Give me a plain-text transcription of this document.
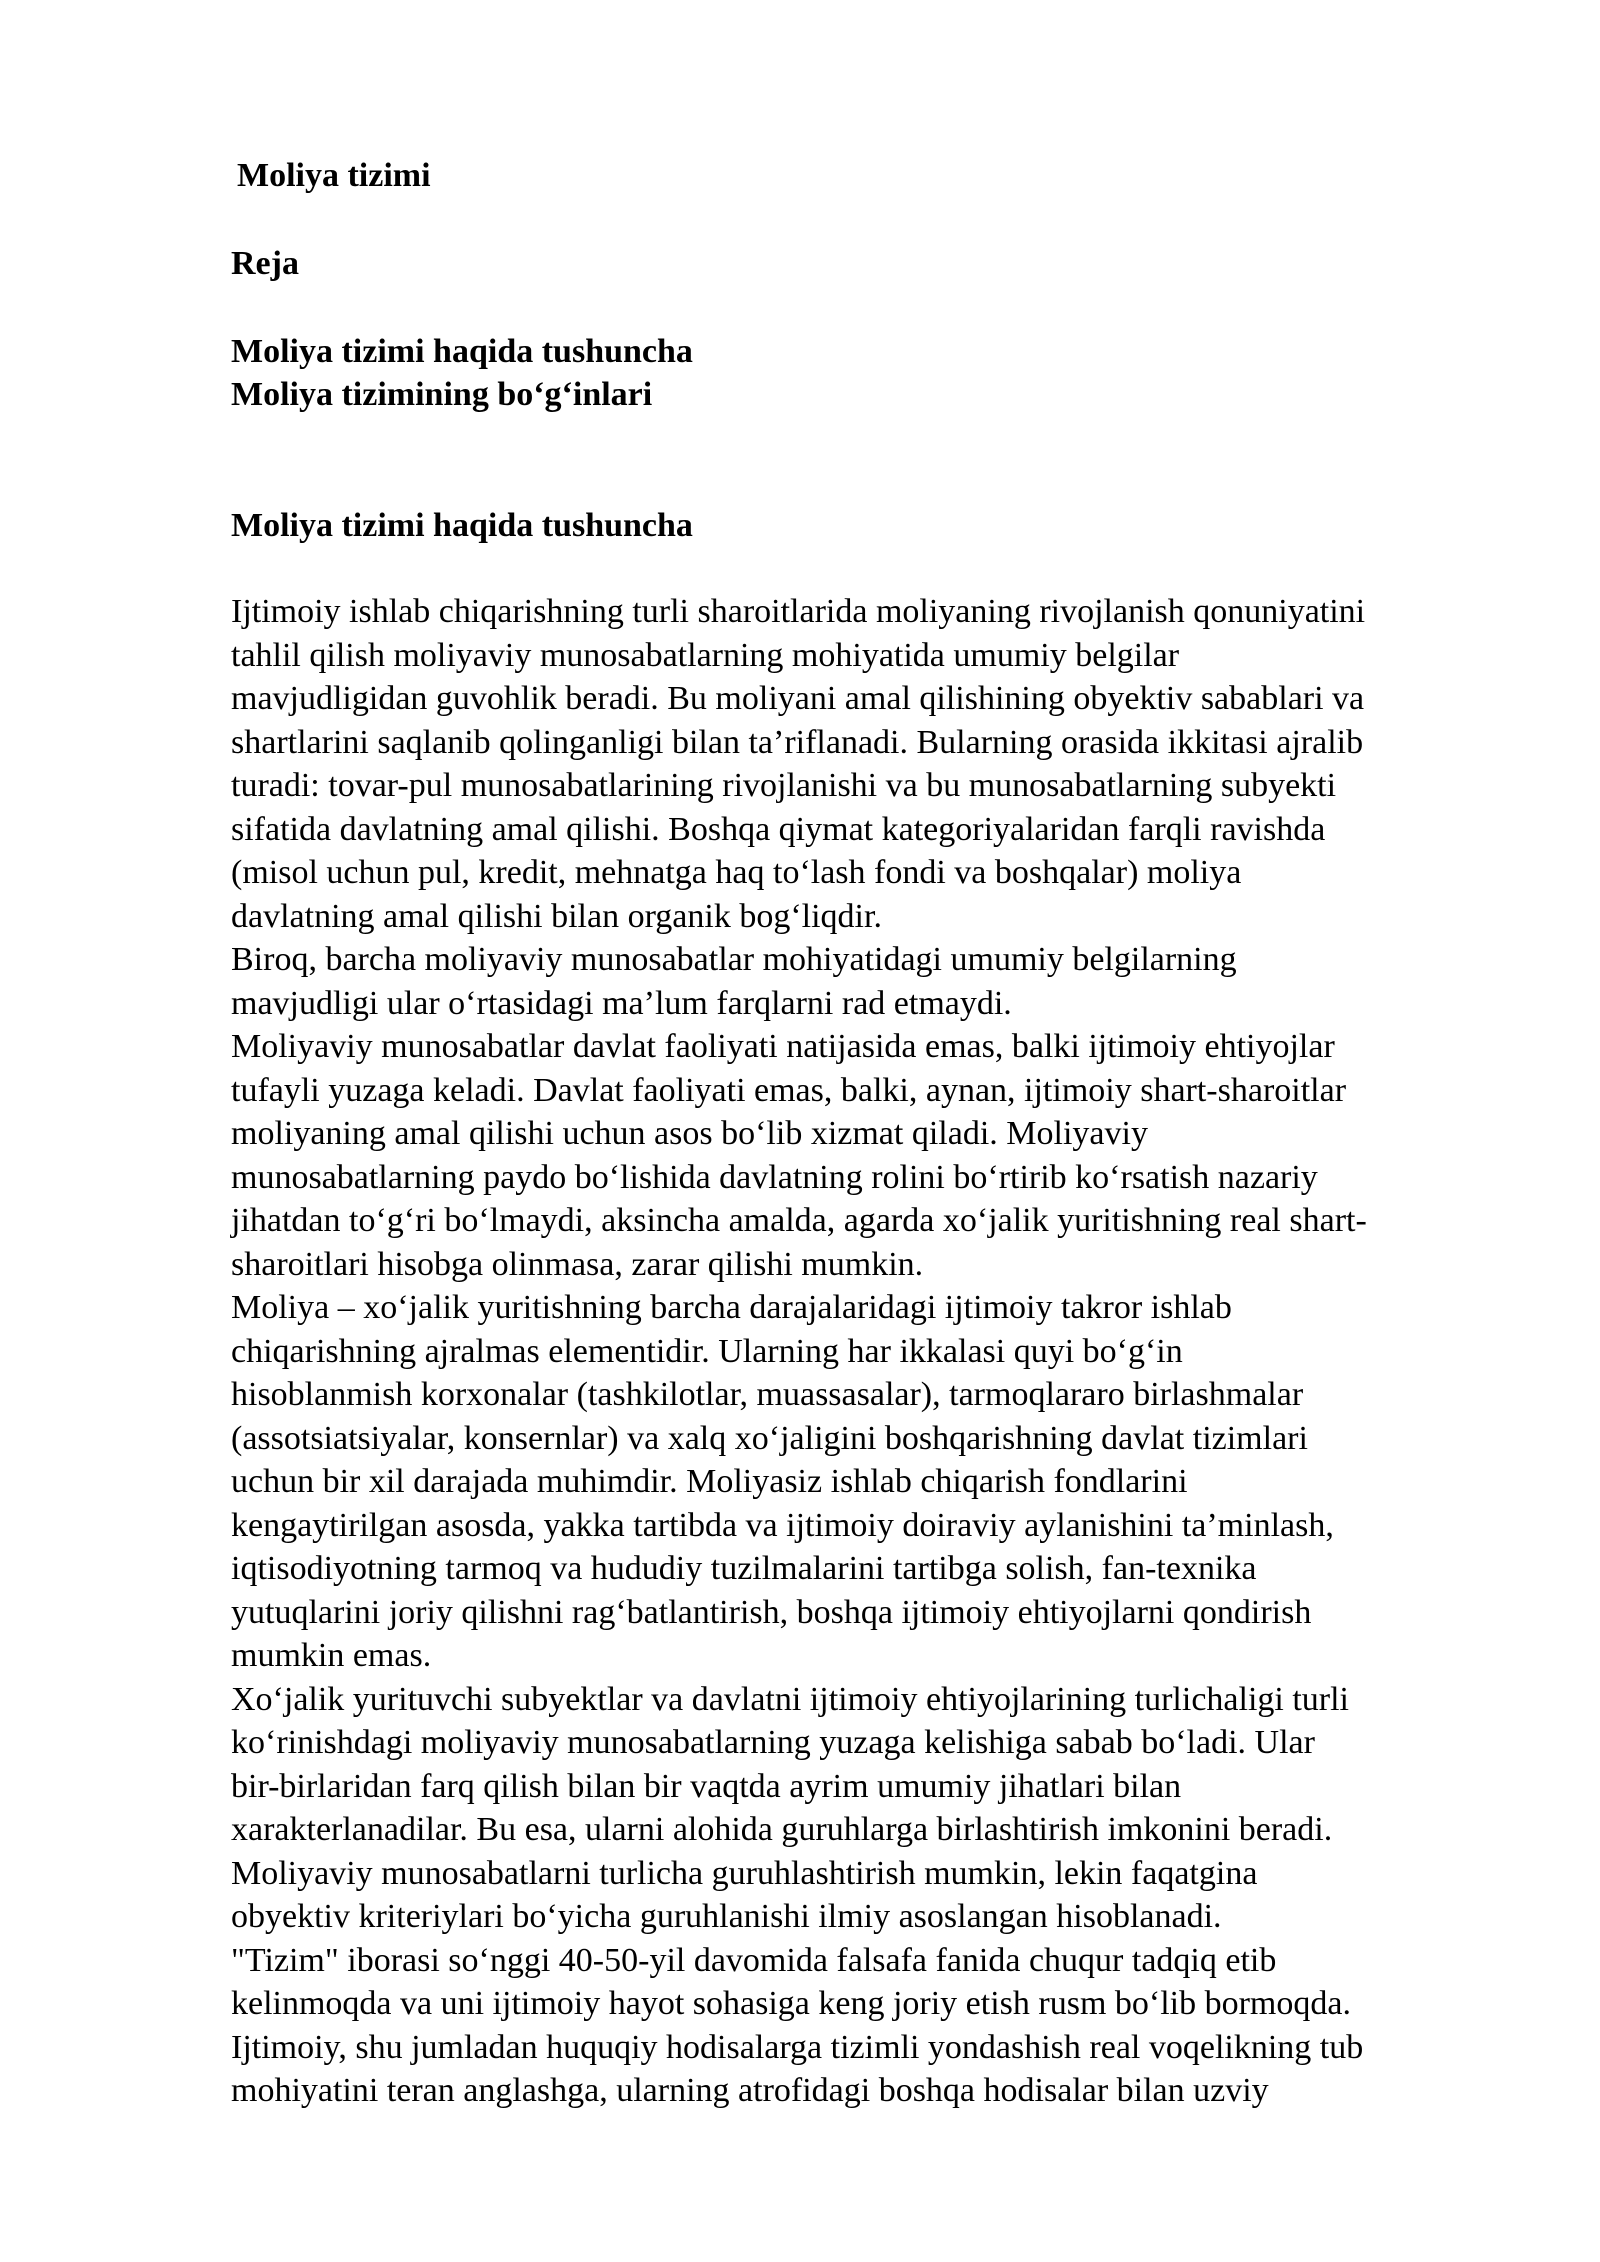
Moliya tizimi
Reja
Moliya tizimi haqida tushuncha
Moliya tizimining bo‘g‘inlari
Moliya tizimi haqida tushuncha
Ijtimoiy ishlab chiqarishning turli sharoitlarida moliyaning rivojlanish qonuniyatini
tahlil qilish moliyaviy munosabatlarning mohiyatida umumiy belgilar
mavjudligidan guvohlik beradi. Bu moliyani amal qilishining obyektiv sabablari va
shartlarini saqlanib qolinganligi bilan ta’riflanadi. Bularning orasida ikkitasi ajralib
turadi: tovar-pul munosabatlarining rivojlanishi va bu munosabatlarning subyekti
sifatida davlatning amal qilishi. Boshqa qiymat kategoriyalaridan farqli ravishda
(misol uchun pul, kredit, mehnatga haq to‘lash fondi va boshqalar) moliya
davlatning amal qilishi bilan organik bog‘liqdir.
Biroq, barcha moliyaviy munosabatlar mohiyatidagi umumiy belgilarning
mavjudligi ular o‘rtasidagi ma’lum farqlarni rad etmaydi.
Moliyaviy munosabatlar davlat faoliyati natijasida emas, balki ijtimoiy ehtiyojlar
tufayli yuzaga keladi. Davlat faoliyati emas, balki, aynan, ijtimoiy shart-sharoitlar
moliyaning amal qilishi uchun asos bo‘lib xizmat qiladi. Moliyaviy
munosabatlarning paydo bo‘lishida davlatning rolini bo‘rtirib ko‘rsatish nazariy
jihatdan to‘g‘ri bo‘lmaydi, aksincha amalda, agarda xo‘jalik yuritishning real shart-
sharoitlari hisobga olinmasa, zarar qilishi mumkin.
Moliya – xo‘jalik yuritishning barcha darajalaridagi ijtimoiy takror ishlab
chiqarishning ajralmas elementidir. Ularning har ikkalasi quyi bo‘g‘in
hisoblanmish korxonalar (tashkilotlar, muassasalar), tarmoqlararo birlashmalar
(assotsiatsiyalar, konsernlar) va xalq xo‘jaligini boshqarishning davlat tizimlari
uchun bir xil darajada muhimdir. Moliyasiz ishlab chiqarish fondlarini
kengaytirilgan asosda, yakka tartibda va ijtimoiy doiraviy aylanishini ta’minlash,
iqtisodiyotning tarmoq va hududiy tuzilmalarini tartibga solish, fan-texnika
yutuqlarini joriy qilishni rag‘batlantirish, boshqa ijtimoiy ehtiyojlarni qondirish
mumkin emas.
Xo‘jalik yurituvchi subyektlar va davlatni ijtimoiy ehtiyojlarining turlichaligi turli
ko‘rinishdagi moliyaviy munosabatlarning yuzaga kelishiga sabab bo‘ladi. Ular
bir-birlaridan farq qilish bilan bir vaqtda ayrim umumiy jihatlari bilan
xarakterlanadilar. Bu esa, ularni alohida guruhlarga birlashtirish imkonini beradi.
Moliyaviy munosabatlarni turlicha guruhlashtirish mumkin, lekin faqatgina
obyektiv kriteriylari bo‘yicha guruhlanishi ilmiy asoslangan hisoblanadi.
"Tizim" iborasi so‘nggi 40-50-yil davomida falsafa fanida chuqur tadqiq etib
kelinmoqda va uni ijtimoiy hayot sohasiga keng joriy etish rusm bo‘lib bormoqda.
Ijtimoiy, shu jumladan huquqiy hodisalarga tizimli yondashish real voqelikning tub
mohiyatini teran anglashga, ularning atrofidagi boshqa hodisalar bilan uzviy
